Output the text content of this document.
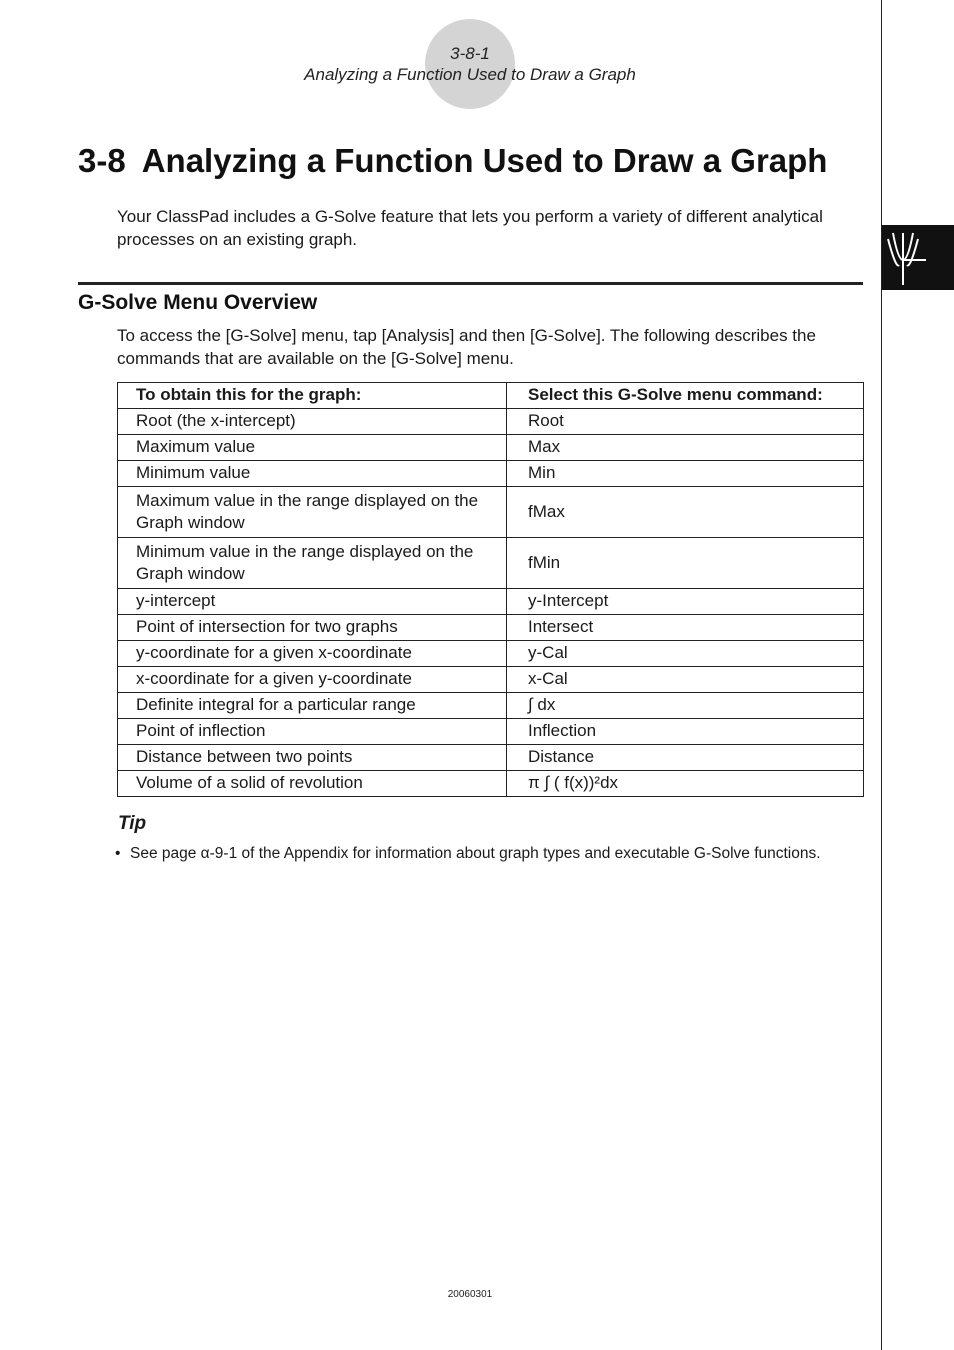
3-8-1
Analyzing a Function Used to Draw a Graph
3-8 Analyzing a Function Used to Draw a Graph

Your ClassPad includes a G-Solve feature that lets you perform a variety of different analytical processes on an existing graph.

G-Solve Menu Overview

To access the [G-Solve] menu, tap [Analysis] and then [G-Solve]. The following describes the commands that are available on the [G-Solve] menu.

To obtain this for the graph:	Select this G-Solve menu command:
Root (the x-intercept)	Root
Maximum value	Max
Minimum value	Min
Maximum value in the range displayed on the Graph window	fMax
Minimum value in the range displayed on the Graph window	fMin
y-intercept	y-Intercept
Point of intersection for two graphs	Intersect
y-coordinate for a given x-coordinate	y-Cal
x-coordinate for a given y-coordinate	x-Cal
Definite integral for a particular range	∫ dx
Point of inflection	Inflection
Distance between two points	Distance
Volume of a solid of revolution	π ∫ ( f(x))²dx
Tip
• See page α-9-1 of the Appendix for information about graph types and executable G-Solve functions.
20060301
